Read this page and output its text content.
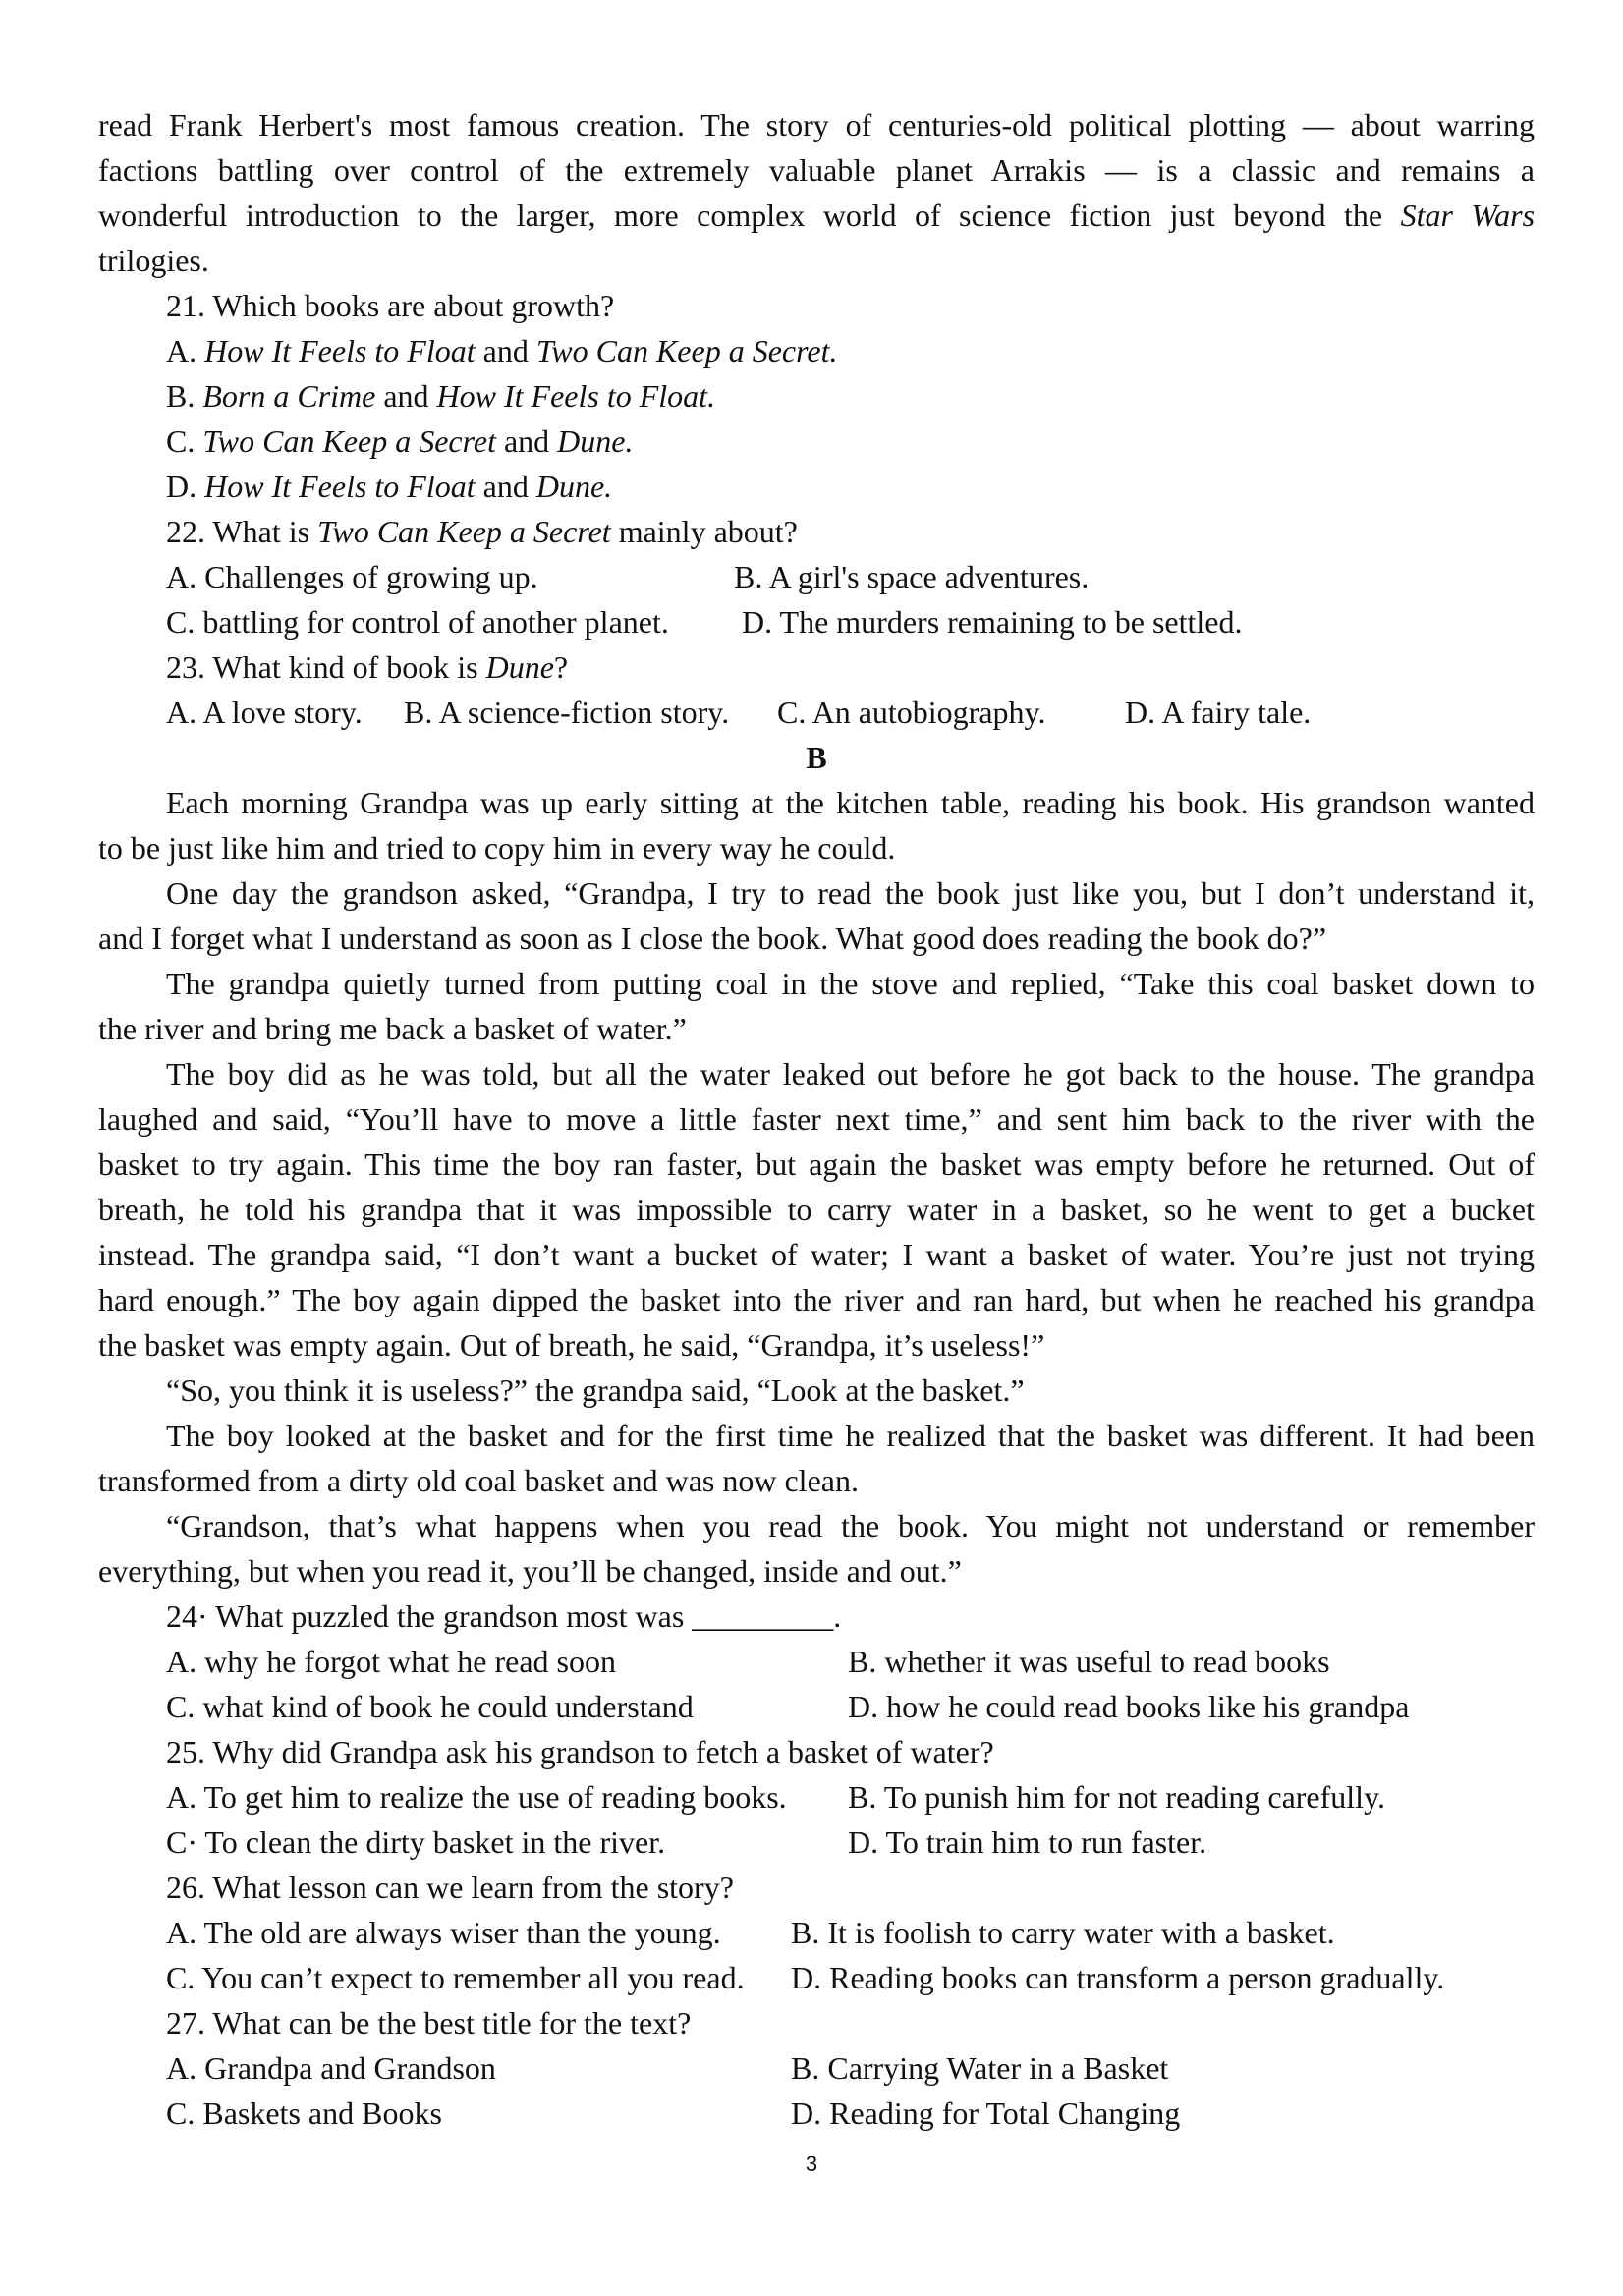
read Frank Herbert's most famous creation. The story of centuries-old political plotting — about warring
factions battling over control of the extremely valuable planet Arrakis — is a classic and remains a
wonderful introduction to the larger, more complex world of science fiction just beyond the Star Wars
trilogies.
21. Which books are about growth?
A. How It Feels to Float and Two Can Keep a Secret.
B. Born a Crime and How It Feels to Float.
C. Two Can Keep a Secret and Dune.
D. How It Feels to Float and Dune.
22. What is Two Can Keep a Secret mainly about?
A. Challenges of growing up.	B. A girl's space adventures.
C. battling for control of another planet.	D. The murders remaining to be settled.
23. What kind of book is Dune?
A. A love story.	B. A science-fiction story.	C. An autobiography.	D. A fairy tale.
B
Each morning Grandpa was up early sitting at the kitchen table, reading his book. His grandson wanted
to be just like him and tried to copy him in every way he could.
One day the grandson asked, “Grandpa, I try to read the book just like you, but I don’t understand it,
and I forget what I understand as soon as I close the book. What good does reading the book do?”
The grandpa quietly turned from putting coal in the stove and replied, “Take this coal basket down to
the river and bring me back a basket of water.”
The boy did as he was told, but all the water leaked out before he got back to the house. The grandpa
laughed and said, “You’ll have to move a little faster next time,” and sent him back to the river with the
basket to try again. This time the boy ran faster, but again the basket was empty before he returned. Out of
breath, he told his grandpa that it was impossible to carry water in a basket, so he went to get a bucket
instead. The grandpa said, “I don’t want a bucket of water; I want a basket of water. You’re just not trying
hard enough.” The boy again dipped the basket into the river and ran hard, but when he reached his grandpa
the basket was empty again. Out of breath, he said, “Grandpa, it’s useless!”
“So, you think it is useless?” the grandpa said, “Look at the basket.”
The boy looked at the basket and for the first time he realized that the basket was different. It had been
transformed from a dirty old coal basket and was now clean.
“Grandson, that’s what happens when you read the book. You might not understand or remember
everything, but when you read it, you’ll be changed, inside and out.”
24· What puzzled the grandson most was _________.
A. why he forgot what he read soon	B. whether it was useful to read books
C. what kind of book he could understand	D. how he could read books like his grandpa
25. Why did Grandpa ask his grandson to fetch a basket of water?
A. To get him to realize the use of reading books.	B. To punish him for not reading carefully.
C· To clean the dirty basket in the river.	D. To train him to run faster.
26. What lesson can we learn from the story?
A. The old are always wiser than the young.	B. It is foolish to carry water with a basket.
C. You can’t expect to remember all you read.	D. Reading books can transform a person gradually.
27. What can be the best title for the text?
A. Grandpa and Grandson	B. Carrying Water in a Basket
C. Baskets and Books	D. Reading for Total Changing
3
